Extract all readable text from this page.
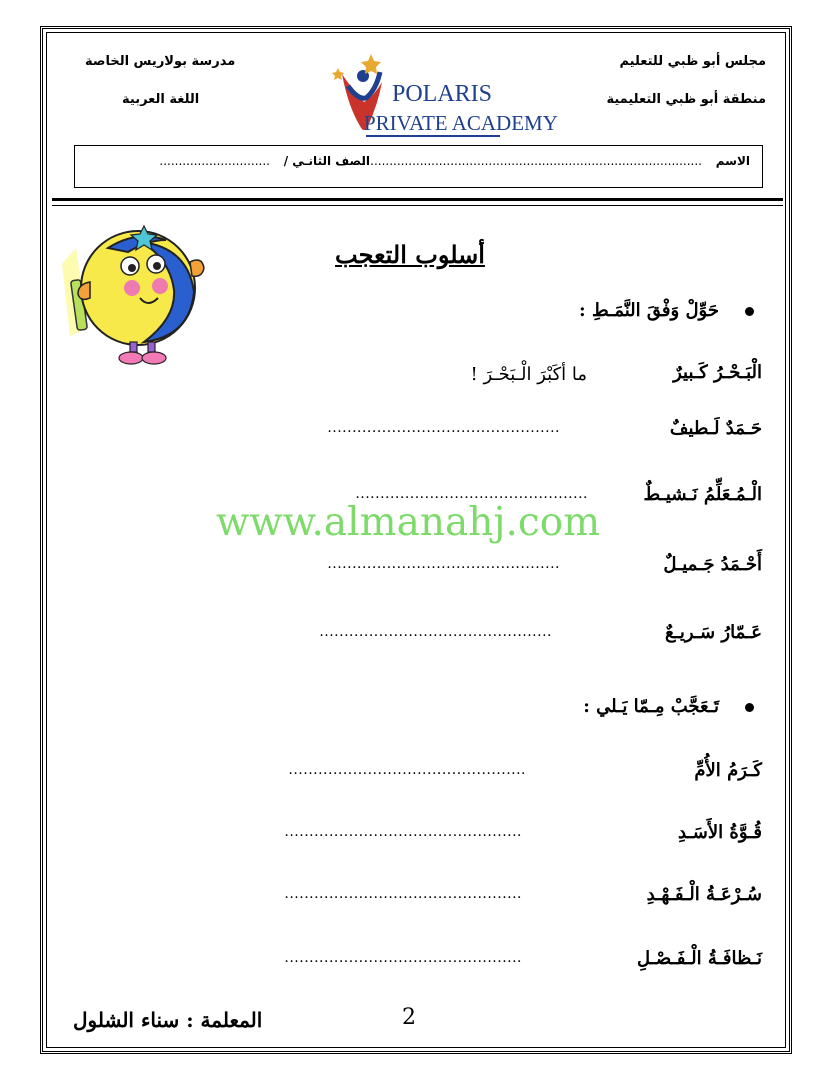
مجلس أبو ظبي للتعليم
منطقة أبو ظبي التعليمية
مدرسة بولاريس الخاصة
اللغة العربية	POLARIS
PRIVATE ACADEMY
الاسم
...........................................................................................
الصف الثانـي /
.............................
أسلوب التعجب
حَوِّلْ وَفْقَ النَّمَـطِ :
الْبَـحْـرُ كَـبيرٌ
ما أكَبْرَ الْـبَحْـرَ !
حَـمَدٌ لَـطيفٌ
...............................................
الْـمُـعَلِّمُ نَـشيـطٌ
...............................................
أَحْـمَدُ جَـميـلٌ
...............................................
عَـمّارُ سَـريـعٌ
...............................................
تَـعَجَّبْ مِـمّا يَـلي :
كَـرَمُ الأُمِّ
................................................
قُـوَّةُ الأَسَـدِ
................................................
سُـرْعَـةُ الْـفَـهْـدِ
................................................
نَـظافَـةُ الْـفَـصْـلِ
................................................
www.almanahj.com
2
المعلمة : سناء الشلول
